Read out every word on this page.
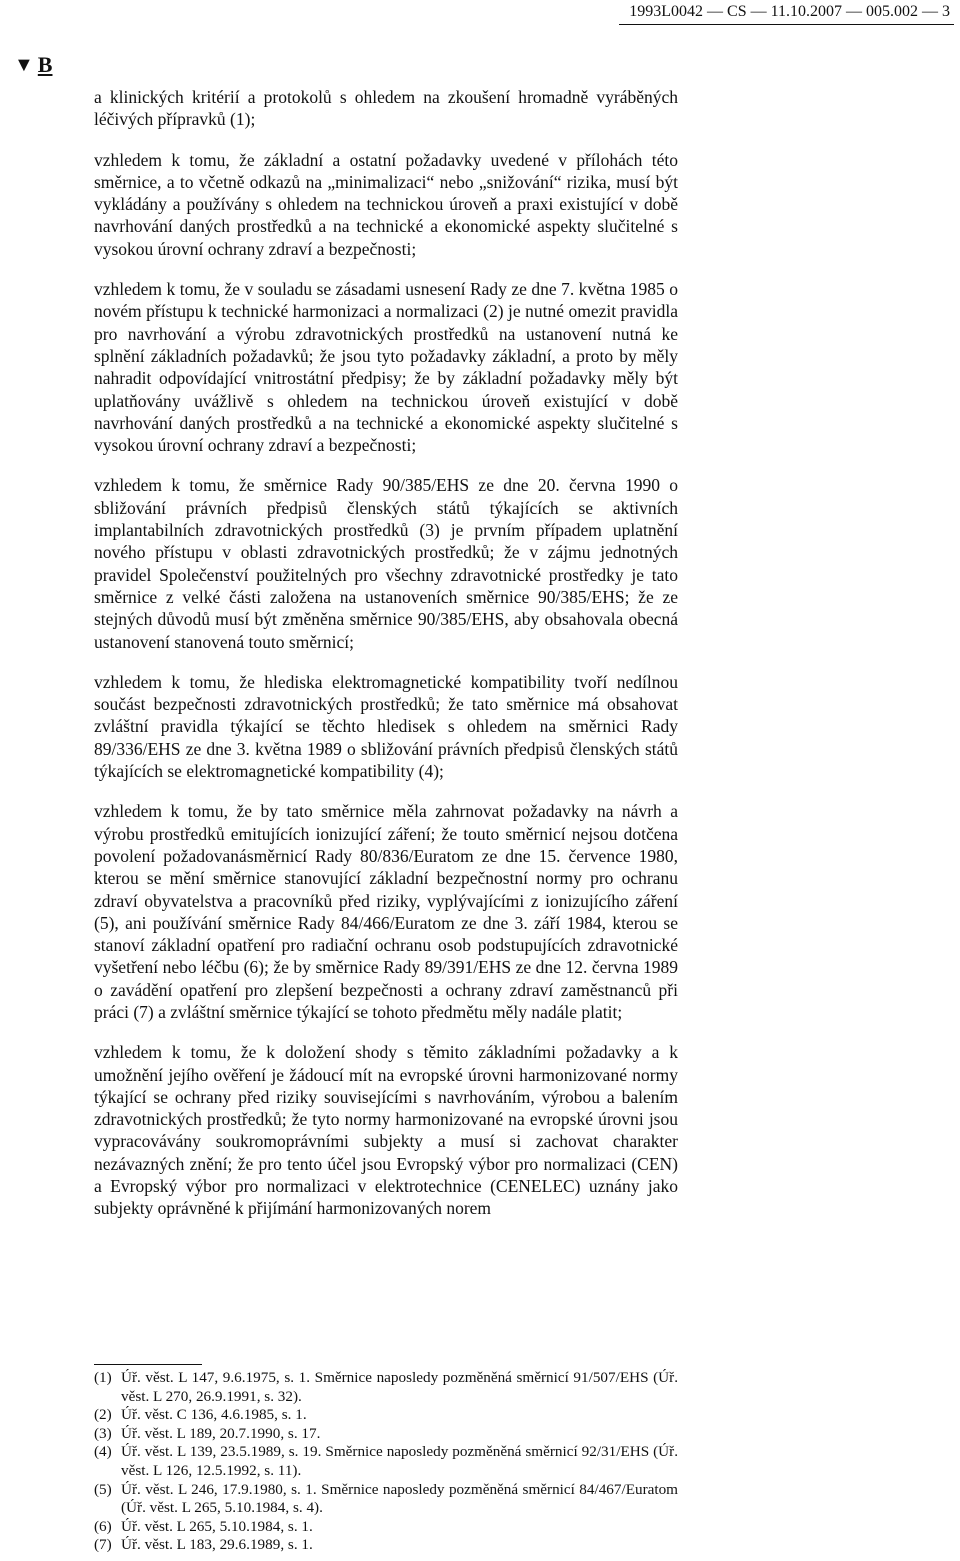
1993L0042 — CS — 11.10.2007 — 005.002 — 3
▼ B

a klinických kritérií a protokolů s ohledem na zkoušení hromadně vyráběných léčivých přípravků (1);

vzhledem k tomu, že základní a ostatní požadavky uvedené v přílohách této směrnice, a to včetně odkazů na „minimalizaci“ nebo „snižování“ rizika, musí být vykládány a používány s ohledem na technickou úroveň a praxi existující v době navrhování daných prostředků a na technické a ekonomické aspekty slučitelné s vysokou úrovní ochrany zdraví a bezpečnosti;

vzhledem k tomu, že v souladu se zásadami usnesení Rady ze dne 7. května 1985 o novém přístupu k technické harmonizaci a normalizaci (2) je nutné omezit pravidla pro navrhování a výrobu zdravotnických prostředků na ustanovení nutná ke splnění základních požadavků; že jsou tyto požadavky základní, a proto by měly nahradit odpovídající vnitrostátní předpisy; že by základní požadavky měly být uplatňovány uvážlivě s ohledem na technickou úroveň existující v době navrhování daných prostředků a na technické a ekonomické aspekty slučitelné s vysokou úrovní ochrany zdraví a bezpečnosti;

vzhledem k tomu, že směrnice Rady 90/385/EHS ze dne 20. června 1990 o sbližování právních předpisů členských států týkajících se aktivních implantabilních zdravotnických prostředků (3) je prvním případem uplatnění nového přístupu v oblasti zdravotnických prostředků; že v zájmu jednotných pravidel Společenství použitelných pro všechny zdravotnické prostředky je tato směrnice z velké části založena na ustanoveních směrnice 90/385/EHS; že ze stejných důvodů musí být změněna směrnice 90/385/EHS, aby obsahovala obecná ustanovení stanovená touto směrnicí;

vzhledem k tomu, že hlediska elektromagnetické kompatibility tvoří nedílnou součást bezpečnosti zdravotnických prostředků; že tato směrnice má obsahovat zvláštní pravidla týkající se těchto hledisek s ohledem na směrnici Rady 89/336/EHS ze dne 3. května 1989 o sbližování právních předpisů členských států týkajících se elektromagnetické kompatibility (4);

vzhledem k tomu, že by tato směrnice měla zahrnovat požadavky na návrh a výrobu prostředků emitujících ionizující záření; že touto směrnicí nejsou dotčena povolení požadovanásměrnicí Rady 80/836/Euratom ze dne 15. července 1980, kterou se mění směrnice stanovující základní bezpečnostní normy pro ochranu zdraví obyvatelstva a pracovníků před riziky, vyplývajícími z ionizujícího záření (5), ani používání směrnice Rady 84/466/Euratom ze dne 3. září 1984, kterou se stanoví základní opatření pro radiační ochranu osob podstupujících zdravotnické vyšetření nebo léčbu (6); že by směrnice Rady 89/391/EHS ze dne 12. června 1989 o zavádění opatření pro zlepšení bezpečnosti a ochrany zdraví zaměstnanců při práci (7) a zvláštní směrnice týkající se tohoto předmětu měly nadále platit;

vzhledem k tomu, že k doložení shody s těmito základními požadavky a k umožnění jejího ověření je žádoucí mít na evropské úrovni harmonizované normy týkající se ochrany před riziky souvisejícími s navrhováním, výrobou a balením zdravotnických prostředků; že tyto normy harmonizované na evropské úrovni jsou vypracovávány soukromoprávními subjekty a musí si zachovat charakter nezávazných znění; že pro tento účel jsou Evropský výbor pro normalizaci (CEN) a Evropský výbor pro normalizaci v elektrotechnice (CENELEC) uznány jako subjekty oprávněné k přijímání harmonizovaných norem

(1) Úř. věst. L 147, 9.6.1975, s. 1. Směrnice naposledy pozměněná směrnicí 91/507/EHS (Úř. věst. L 270, 26.9.1991, s. 32).
(2) Úř. věst. C 136, 4.6.1985, s. 1.
(3) Úř. věst. L 189, 20.7.1990, s. 17.
(4) Úř. věst. L 139, 23.5.1989, s. 19. Směrnice naposledy pozměněná směrnicí 92/31/EHS (Úř. věst. L 126, 12.5.1992, s. 11).
(5) Úř. věst. L 246, 17.9.1980, s. 1. Směrnice naposledy pozměněná směrnicí 84/467/Euratom (Úř. věst. L 265, 5.10.1984, s. 4).
(6) Úř. věst. L 265, 5.10.1984, s. 1.
(7) Úř. věst. L 183, 29.6.1989, s. 1.
